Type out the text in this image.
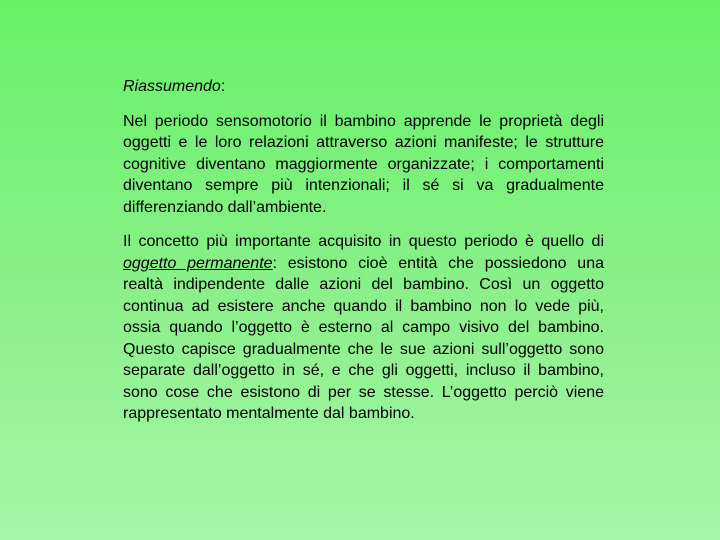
Riassumendo:

Nel periodo sensomotorio il bambino apprende le proprietà degli oggetti e le loro relazioni attraverso azioni manifeste; le strutture cognitive diventano maggiormente organizzate; i comportamenti diventano sempre più intenzionali; il sé si va gradualmente differenziando dall’ambiente.

Il concetto più importante acquisito in questo periodo è quello di oggetto permanente: esistono cioè entità che possiedono una realtà indipendente dalle azioni del bambino. Così un oggetto continua ad esistere anche quando il bambino non lo vede più, ossia quando l’oggetto è esterno al campo visivo del bambino. Questo capisce gradualmente che le sue azioni sull’oggetto sono separate dall’oggetto in sé, e che gli oggetti, incluso il bambino, sono cose che esistono di per se stesse. L’oggetto perciò viene rappresentato mentalmente dal bambino.
